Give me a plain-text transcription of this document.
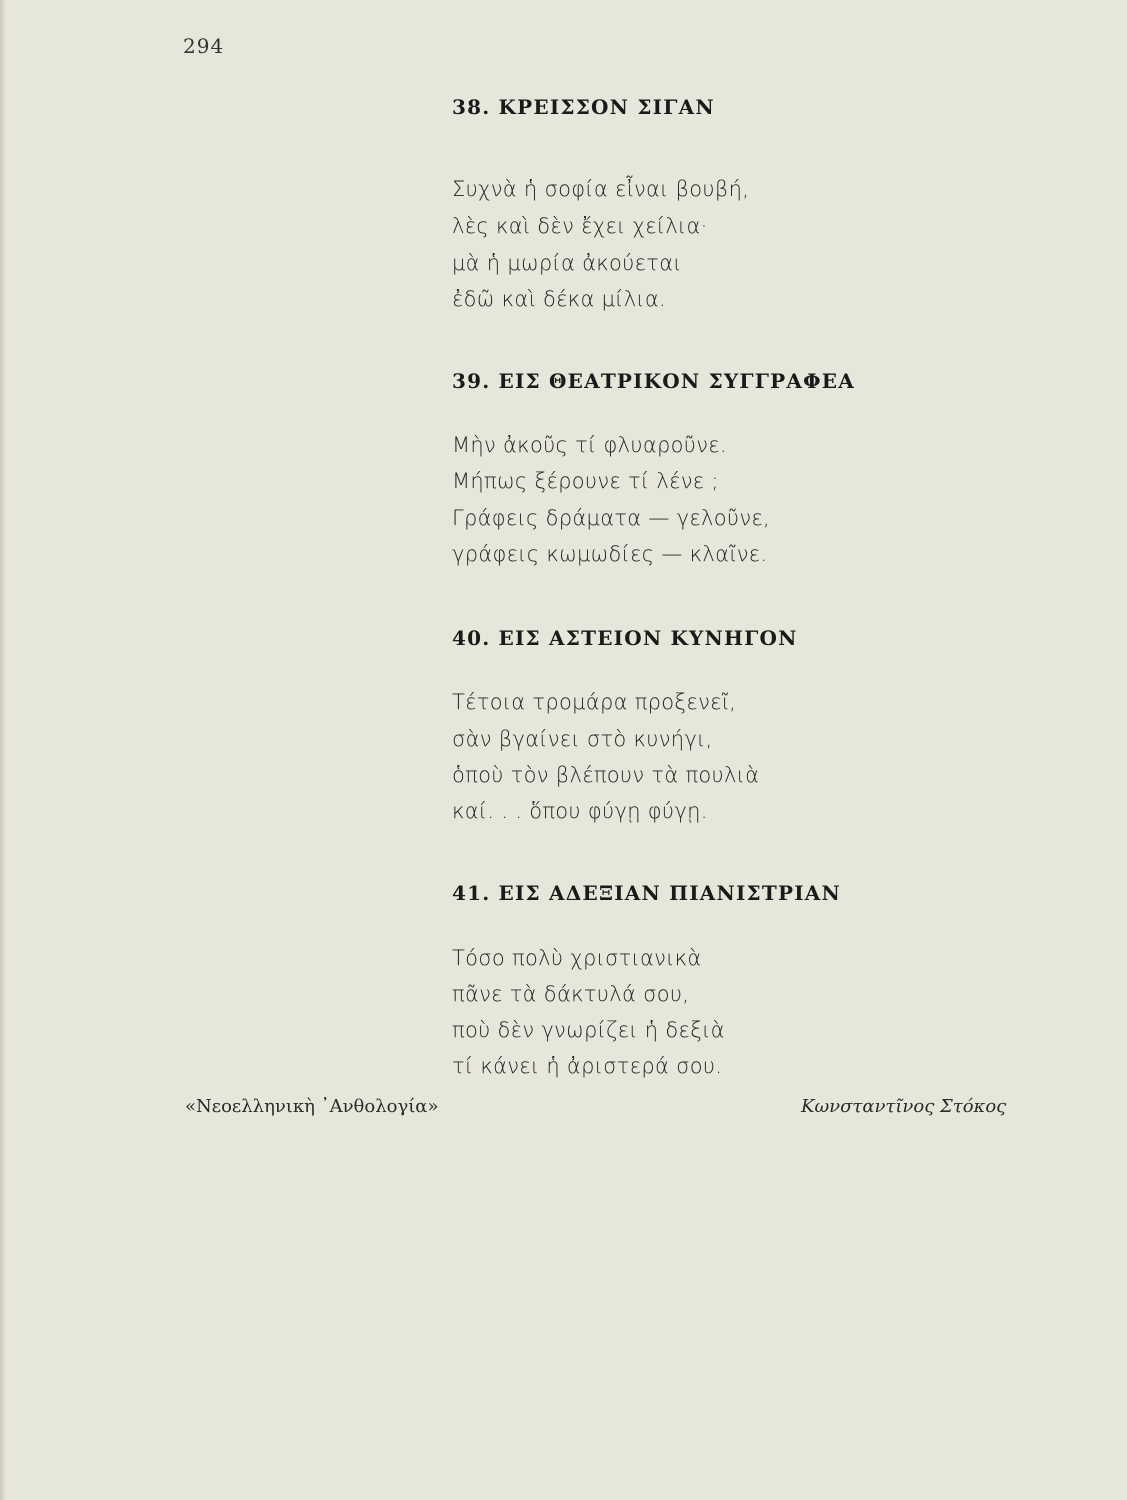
294
38. ΚΡΕΙΣΣΟΝ ΣΙΓΑΝ
Συχνὰ ἡ σοφία εἶναι βουβή,
λὲς καὶ δὲν ἔχει χείλια·
μὰ ἡ μωρία ἀκούεται
ἐδῶ καὶ δέκα μίλια.
39. ΕΙΣ ΘΕΑΤΡΙΚΟΝ ΣΥΓΓΡΑΦΕΑ
Μὴν ἀκοῦς τί φλυαροῦνε.
Μήπως ξέρουνε τί λένε ;
Γράφεις δράματα — γελοῦνε,
γράφεις κωμωδίες — κλαῖνε.
40. ΕΙΣ ΑΣΤΕΙΟΝ ΚΥΝΗΓΟΝ
Τέτοια τρομάρα προξενεῖ,
σὰν βγαίνει στὸ κυνήγι,
ὁποὺ τὸν βλέπουν τὰ πουλιὰ
καί. . . ὅπου φύγῃ φύγῃ.
41. ΕΙΣ ΑΔΕΞΙΑΝ ΠΙΑΝΙΣΤΡΙΑΝ
Τόσο πολὺ χριστιανικὰ
πᾶνε τὰ δάκτυλά σου,
ποὺ δὲν γνωρίζει ἡ δεξιὰ
τί κάνει ἡ ἀριστερά σου.
«Νεοελληνικὴ ᾿Ανθολογία»	Κωνσταντῖνος Στόκος
